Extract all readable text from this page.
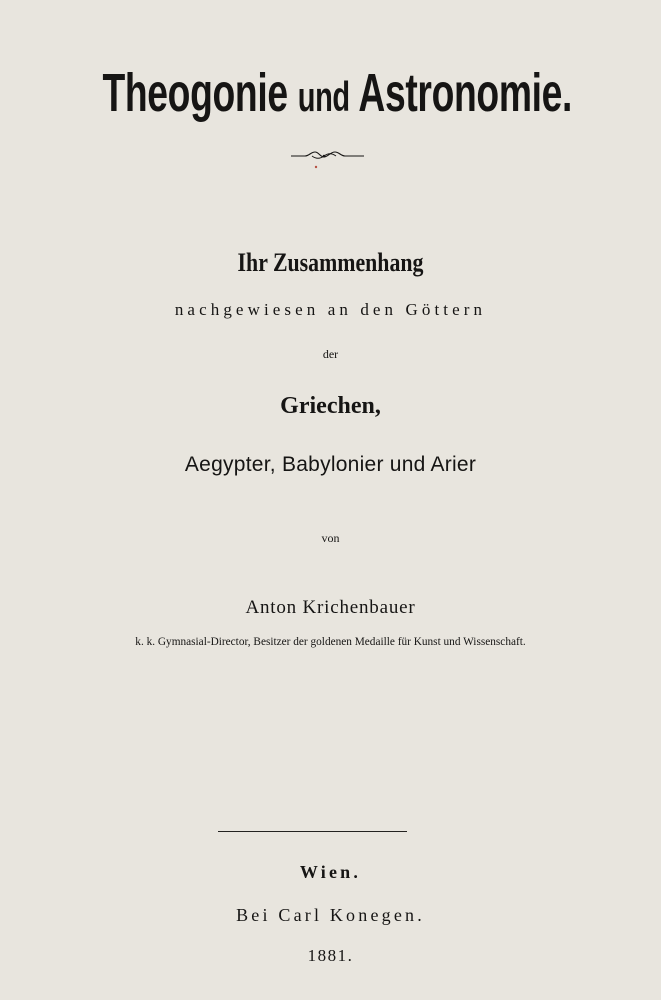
Theogonie und Astronomie.
Ihr Zusammenhang
nachgewiesen an den Göttern
der
Griechen,
Aegypter, Babylonier und Arier
von
Anton Krichenbauer
k. k. Gymnasial-Director, Besitzer der goldenen Medaille für Kunst und Wissenschaft.
Wien.
Bei Carl Konegen.
1881.
